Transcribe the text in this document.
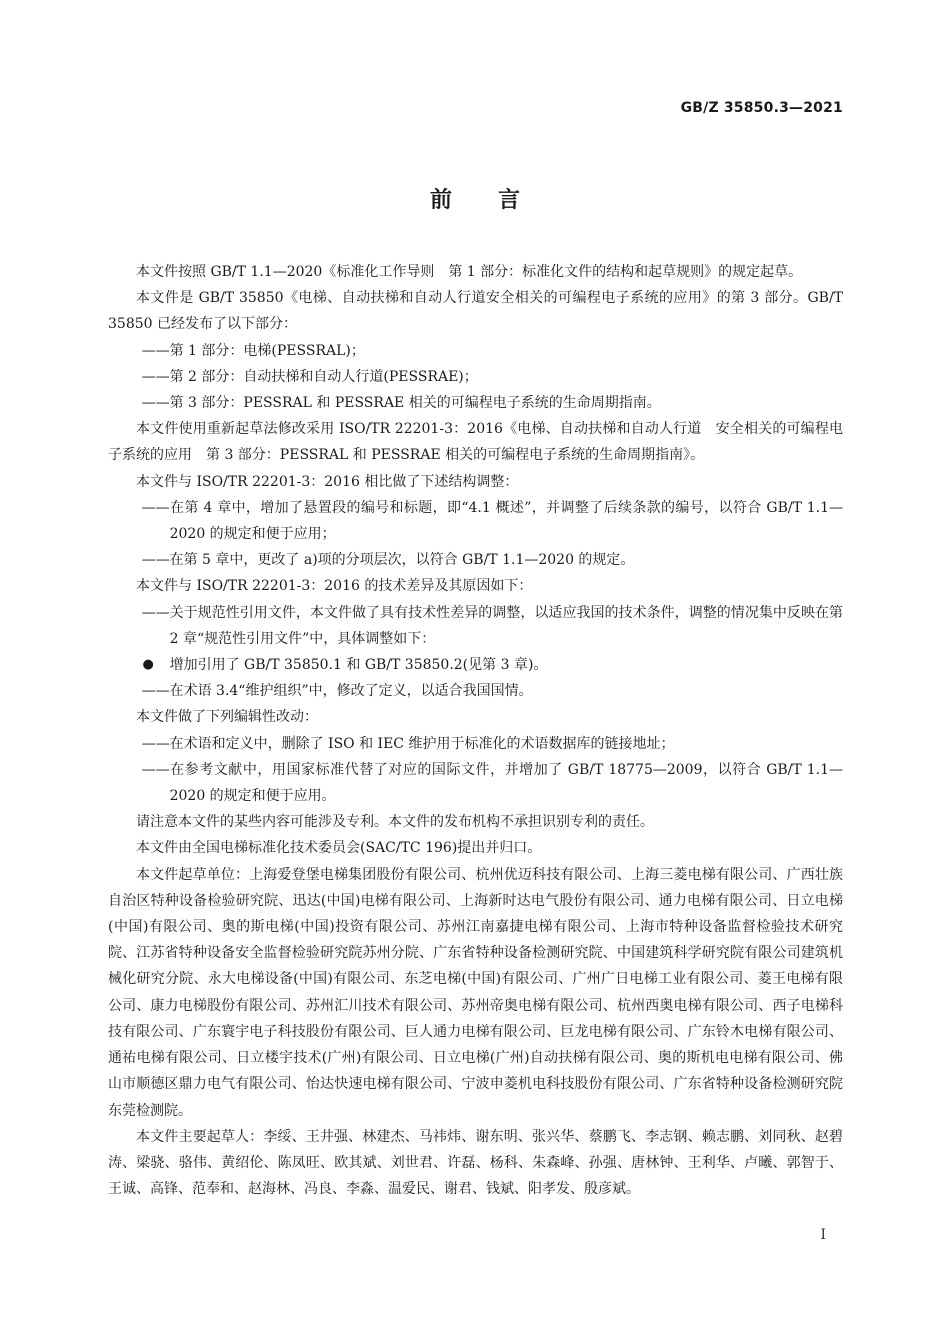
GB/Z 35850.3—2021
前言

本文件按照 GB/T 1.1—2020《标准化工作导则　第 1 部分：标准化文件的结构和起草规则》的规定起草。

本文件是 GB/T 35850《电梯、自动扶梯和自动人行道安全相关的可编程电子系统的应用》的第 3 部分。GB/T 35850 已经发布了以下部分：

——第 1 部分：电梯(PESSRAL)；

——第 2 部分：自动扶梯和自动人行道(PESSRAE)；

——第 3 部分：PESSRAL 和 PESSRAE 相关的可编程电子系统的生命周期指南。

本文件使用重新起草法修改采用 ISO/TR 22201-3：2016《电梯、自动扶梯和自动人行道　安全相关的可编程电子系统的应用　第 3 部分：PESSRAL 和 PESSRAE 相关的可编程电子系统的生命周期指南》。

本文件与 ISO/TR 22201-3：2016 相比做了下述结构调整：

——在第 4 章中，增加了悬置段的编号和标题，即“4.1 概述”，并调整了后续条款的编号，以符合 GB/T 1.1—2020 的规定和便于应用；

——在第 5 章中，更改了 a)项的分项层次，以符合 GB/T 1.1—2020 的规定。

本文件与 ISO/TR 22201-3：2016 的技术差异及其原因如下：

——关于规范性引用文件，本文件做了具有技术性差异的调整，以适应我国的技术条件，调整的情况集中反映在第 2 章“规范性引用文件”中，具体调整如下：

● 增加引用了 GB/T 35850.1 和 GB/T 35850.2(见第 3 章)。

——在术语 3.4“维护组织”中，修改了定义，以适合我国国情。

本文件做了下列编辑性改动：

——在术语和定义中，删除了 ISO 和 IEC 维护用于标准化的术语数据库的链接地址；

——在参考文献中，用国家标准代替了对应的国际文件，并增加了 GB/T 18775—2009，以符合 GB/T 1.1—2020 的规定和便于应用。

请注意本文件的某些内容可能涉及专利。本文件的发布机构不承担识别专利的责任。

本文件由全国电梯标准化技术委员会(SAC/TC 196)提出并归口。

本文件起草单位：上海爱登堡电梯集团股份有限公司、杭州优迈科技有限公司、上海三菱电梯有限公司、广西壮族自治区特种设备检验研究院、迅达(中国)电梯有限公司、上海新时达电气股份有限公司、通力电梯有限公司、日立电梯(中国)有限公司、奥的斯电梯(中国)投资有限公司、苏州江南嘉捷电梯有限公司、上海市特种设备监督检验技术研究院、江苏省特种设备安全监督检验研究院苏州分院、广东省特种设备检测研究院、中国建筑科学研究院有限公司建筑机械化研究分院、永大电梯设备(中国)有限公司、东芝电梯(中国)有限公司、广州广日电梯工业有限公司、菱王电梯有限公司、康力电梯股份有限公司、苏州汇川技术有限公司、苏州帝奥电梯有限公司、杭州西奥电梯有限公司、西子电梯科技有限公司、广东寰宇电子科技股份有限公司、巨人通力电梯有限公司、巨龙电梯有限公司、广东铃木电梯有限公司、通祐电梯有限公司、日立楼宇技术(广州)有限公司、日立电梯(广州)自动扶梯有限公司、奥的斯机电电梯有限公司、佛山市顺德区鼎力电气有限公司、怡达快速电梯有限公司、宁波申菱机电科技股份有限公司、广东省特种设备检测研究院东莞检测院。

本文件主要起草人：李绥、王井强、林建杰、马祎炜、谢东明、张兴华、蔡鹏飞、李志钢、赖志鹏、刘同秋、赵碧涛、梁骁、骆伟、黄绍伦、陈凤旺、欧其斌、刘世君、许磊、杨科、朱森峰、孙强、唐林钟、王利华、卢曦、郭智于、王诚、高锋、范奉和、赵海林、冯良、李淼、温爱民、谢君、钱斌、阳孝发、殷彦斌。

I
